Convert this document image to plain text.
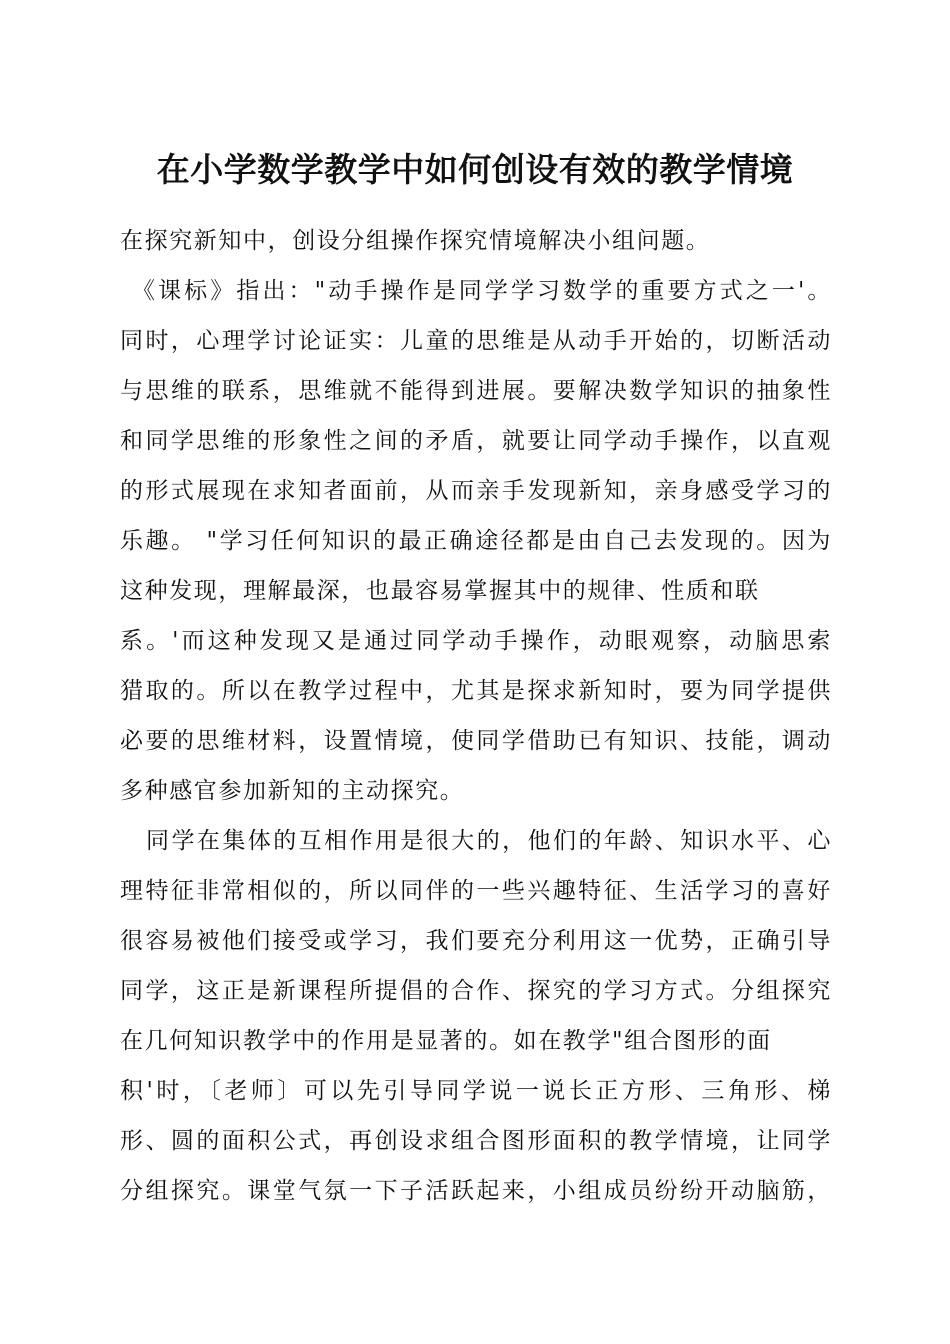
在小学数学教学中如何创设有效的教学情境
在探究新知中，创设分组操作探究情境解决小组问题。
《课标》指出："动手操作是同学学习数学的重要方式之一'。
同时，心理学讨论证实：儿童的思维是从动手开始的，切断活动
与思维的联系，思维就不能得到进展。要解决数学知识的抽象性
和同学思维的形象性之间的矛盾，就要让同学动手操作，以直观
的形式展现在求知者面前，从而亲手发现新知，亲身感受学习的
乐趣。 "学习任何知识的最正确途径都是由自己去发现的。因为
这种发现，理解最深，也最容易掌握其中的规律、性质和联
系。'而这种发现又是通过同学动手操作，动眼观察，动脑思索
猎取的。所以在教学过程中，尤其是探求新知时，要为同学提供
必要的思维材料，设置情境，使同学借助已有知识、技能，调动
多种感官参加新知的主动探究。
同学在集体的互相作用是很大的，他们的年龄、知识水平、心
理特征非常相似的，所以同伴的一些兴趣特征、生活学习的喜好
很容易被他们接受或学习，我们要充分利用这一优势，正确引导
同学，这正是新课程所提倡的合作、探究的学习方式。分组探究
在几何知识教学中的作用是显著的。如在教学"组合图形的面
积'时，〔老师〕可以先引导同学说一说长正方形、三角形、梯
形、圆的面积公式，再创设求组合图形面积的教学情境，让同学
分组探究。课堂气氛一下子活跃起来，小组成员纷纷开动脑筋，
